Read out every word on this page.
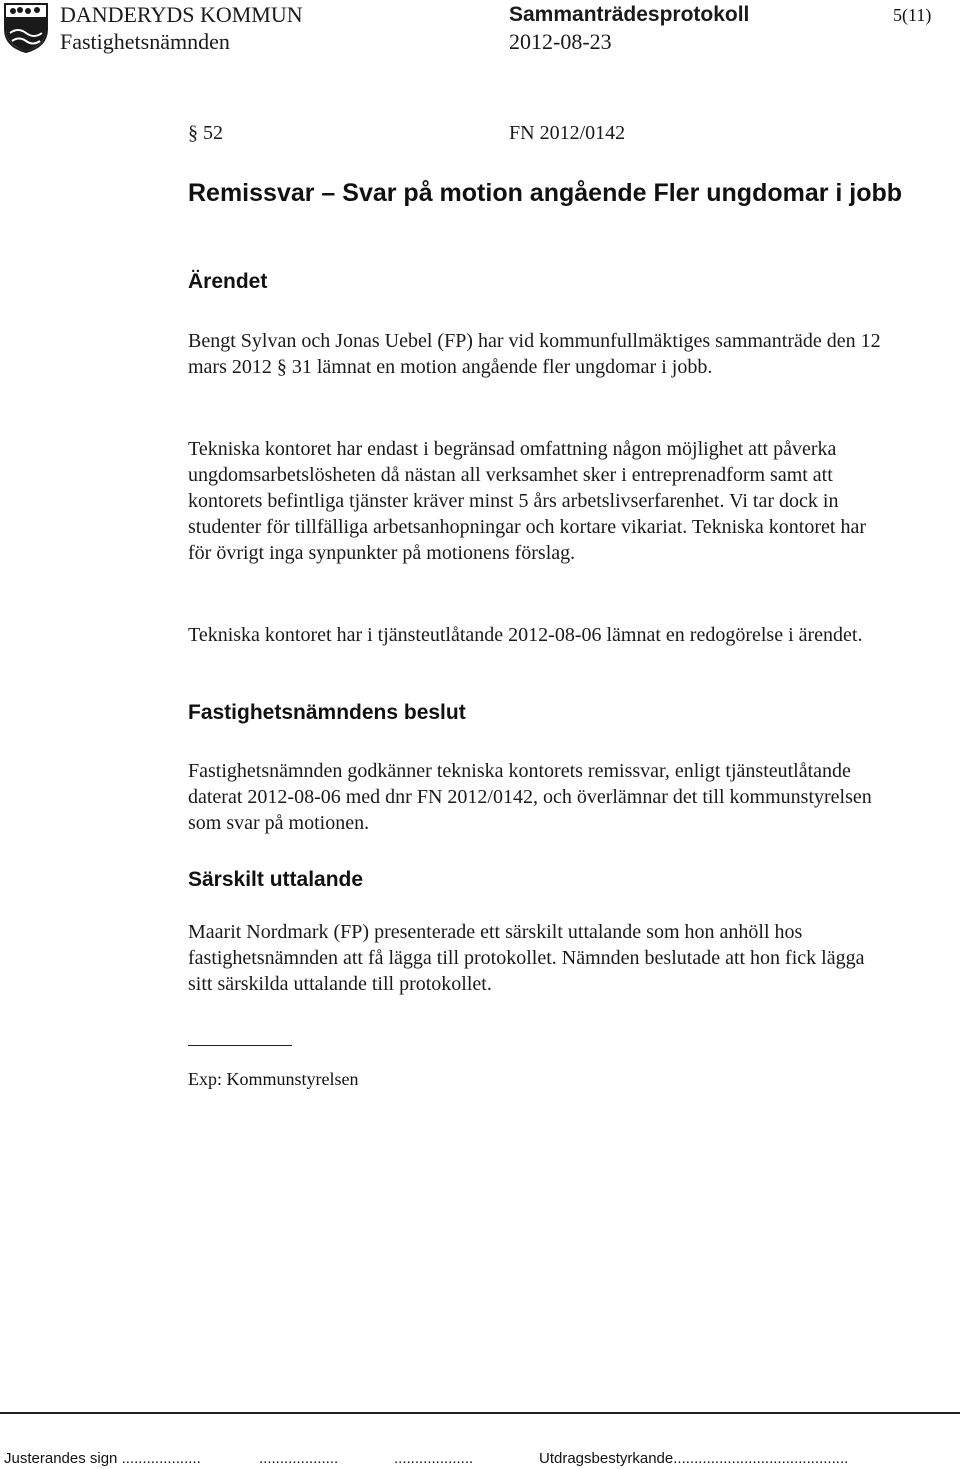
DANDERYDS KOMMUN
Fastighetsnämnden
Sammanträdesprotokoll
2012-08-23
5(11)
§ 52	FN 2012/0142
Remissvar – Svar på motion angående Fler ungdomar i jobb
Ärendet

Bengt Sylvan och Jonas Uebel (FP) har vid kommunfullmäktiges sammanträde den 12 mars 2012 § 31 lämnat en motion angående fler ungdomar i jobb.

Tekniska kontoret har endast i begränsad omfattning någon möjlighet att påverka ungdomsarbetslösheten då nästan all verksamhet sker i entreprenadform samt att kontorets befintliga tjänster kräver minst 5 års arbetslivserfarenhet. Vi tar dock in studenter för tillfälliga arbetsanhopningar och kortare vikariat. Tekniska kontoret har för övrigt inga synpunkter på motionens förslag.

Tekniska kontoret har i tjänsteutlåtande 2012-08-06 lämnat en redogörelse i ärendet.

Fastighetsnämndens beslut

Fastighetsnämnden godkänner tekniska kontorets remissvar, enligt tjänsteutlåtande daterat 2012-08-06 med dnr FN 2012/0142, och överlämnar det till kommunstyrelsen som svar på motionen.

Särskilt uttalande

Maarit Nordmark (FP) presenterade ett särskilt uttalande som hon anhöll hos fastighetsnämnden att få lägga till protokollet. Nämnden beslutade att hon fick lägga sitt särskilda uttalande till protokollet.

Exp: Kommunstyrelsen
Justerandes sign ...................	...................	...................	Utdragsbestyrkande..........................................
